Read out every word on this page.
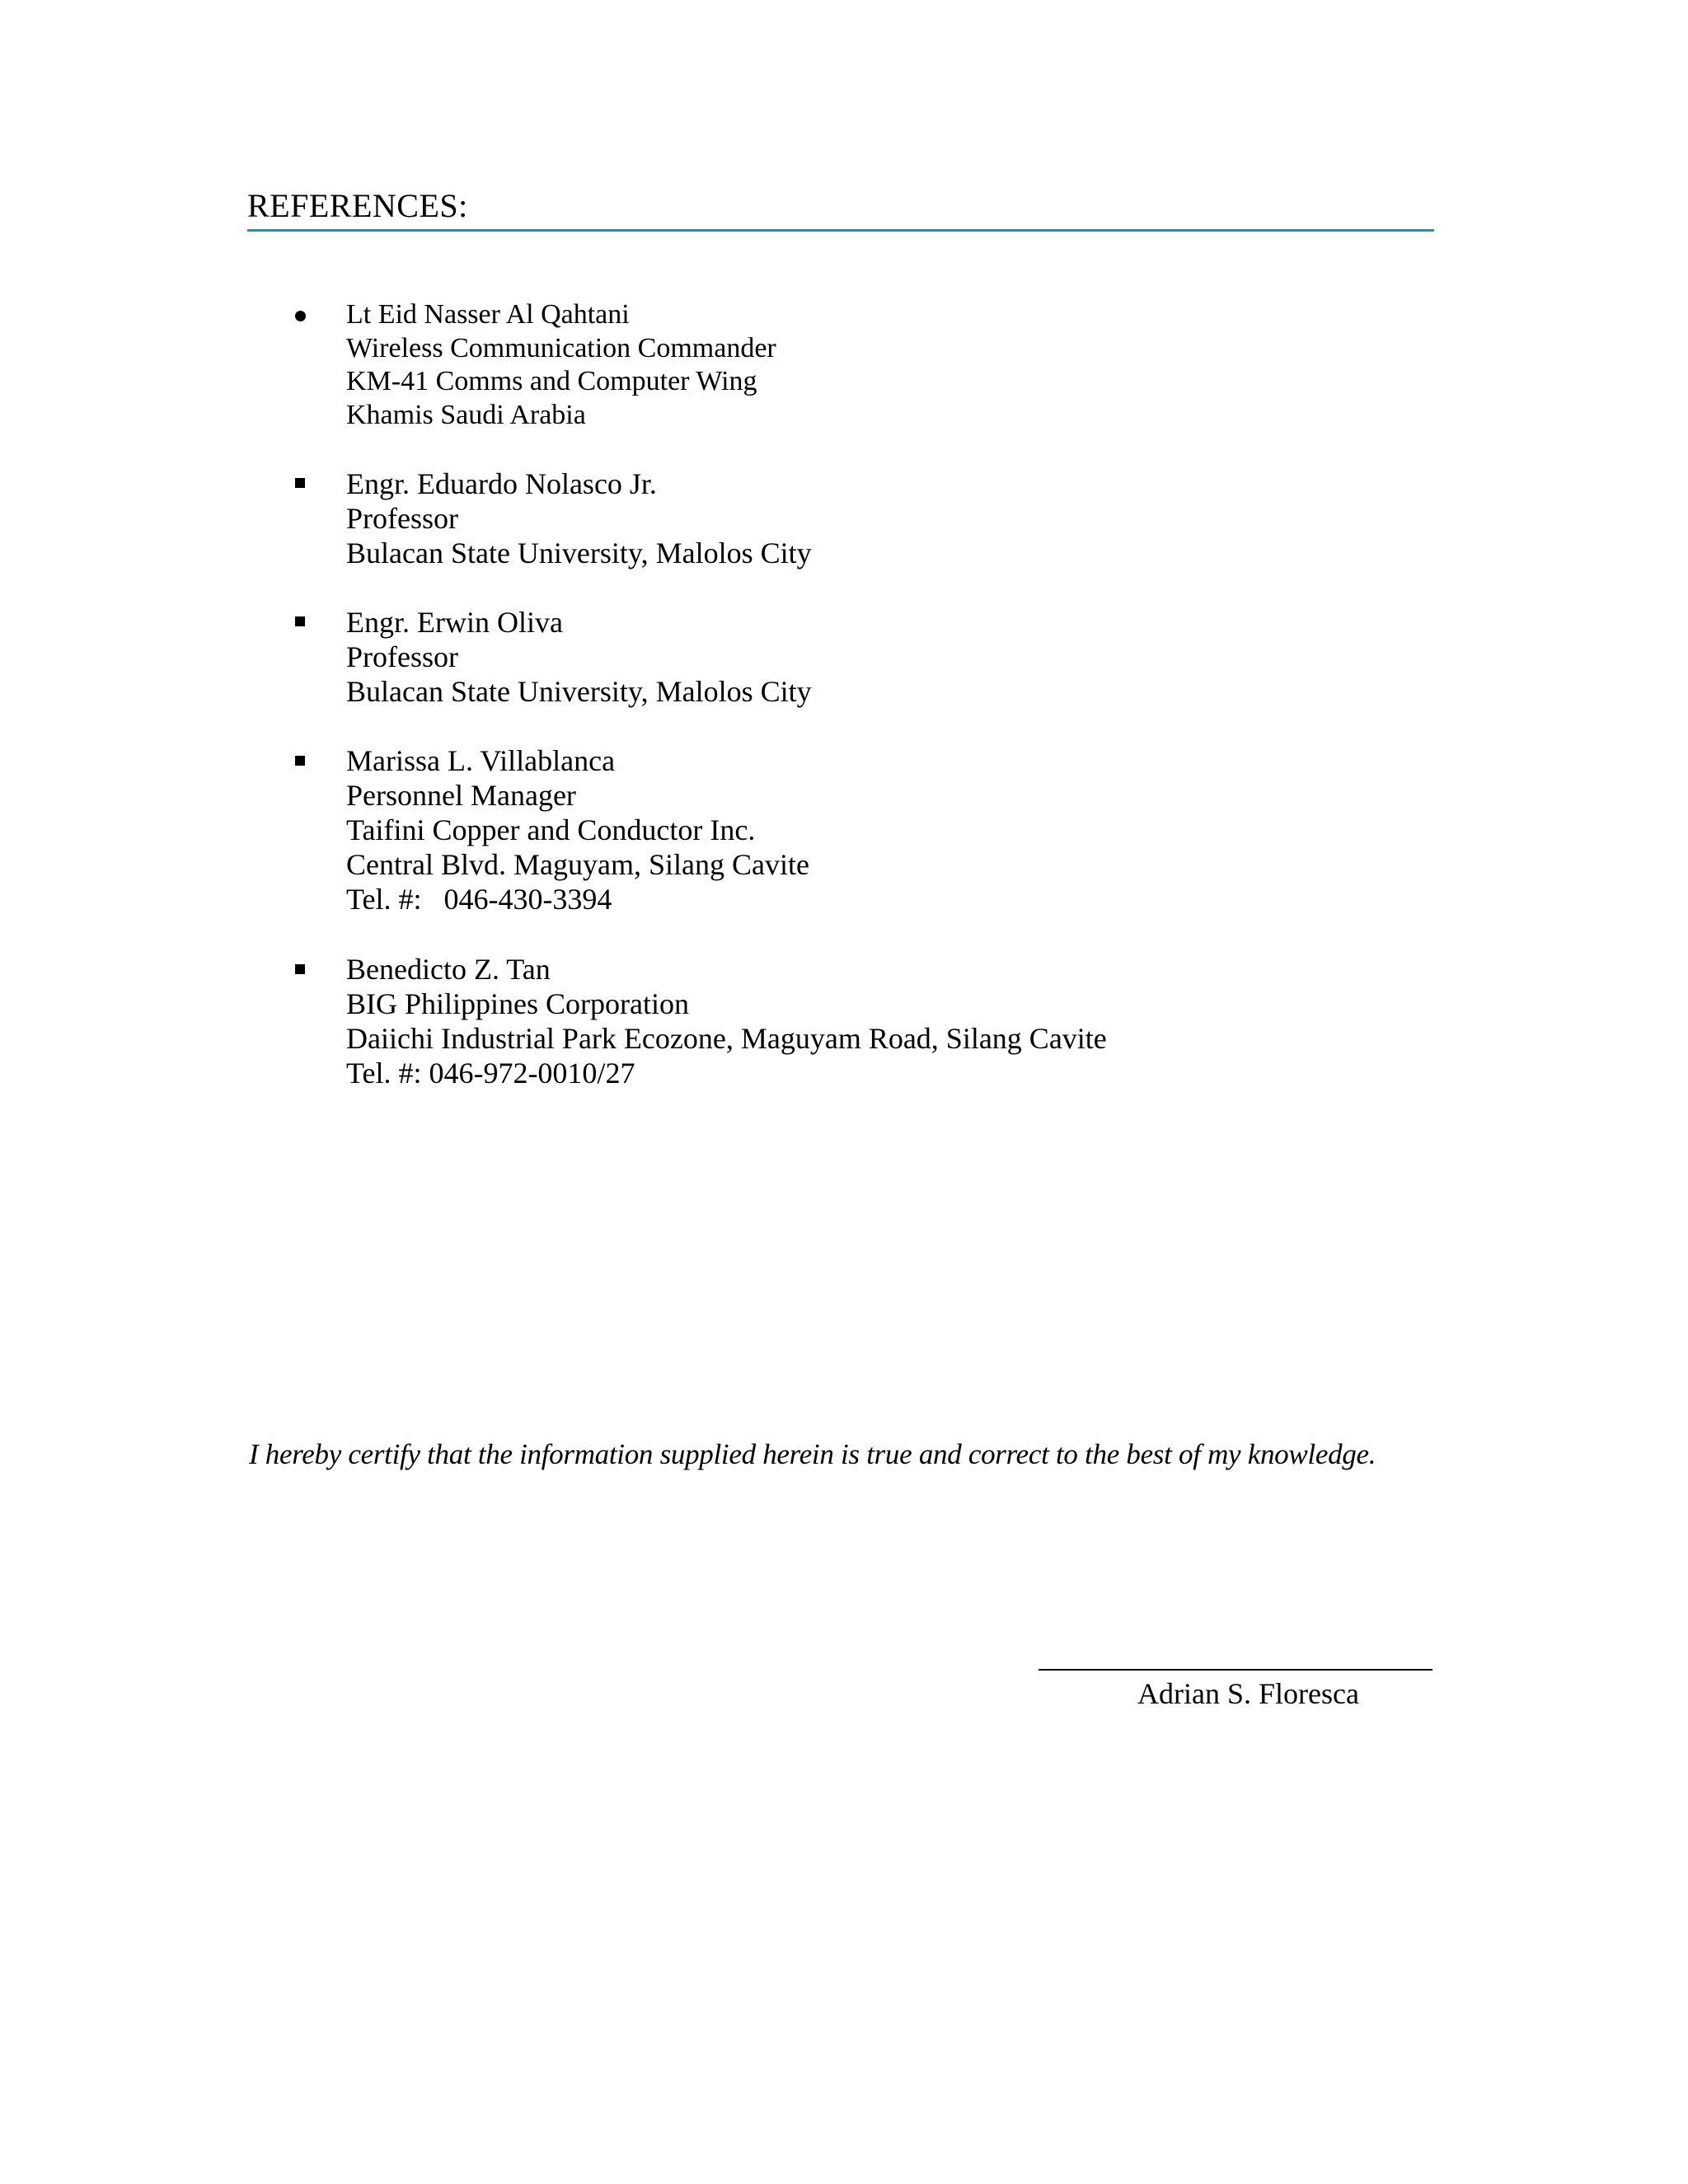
REFERENCES:
Lt Eid Nasser Al Qahtani
Wireless Communication Commander
KM-41 Comms and Computer Wing
Khamis Saudi Arabia
Engr. Eduardo Nolasco Jr.
Professor
Bulacan State University, Malolos City
Engr. Erwin Oliva
Professor
Bulacan State University, Malolos City
Marissa L. Villablanca
Personnel Manager
Taifini Copper and Conductor Inc.
Central Blvd. Maguyam, Silang Cavite
Tel. #:   046-430-3394
Benedicto Z. Tan
BIG Philippines Corporation
Daiichi Industrial Park Ecozone, Maguyam Road, Silang Cavite
Tel. #: 046-972-0010/27
I hereby certify that the information supplied herein is true and correct to the best of my knowledge.
Adrian S. Floresca
